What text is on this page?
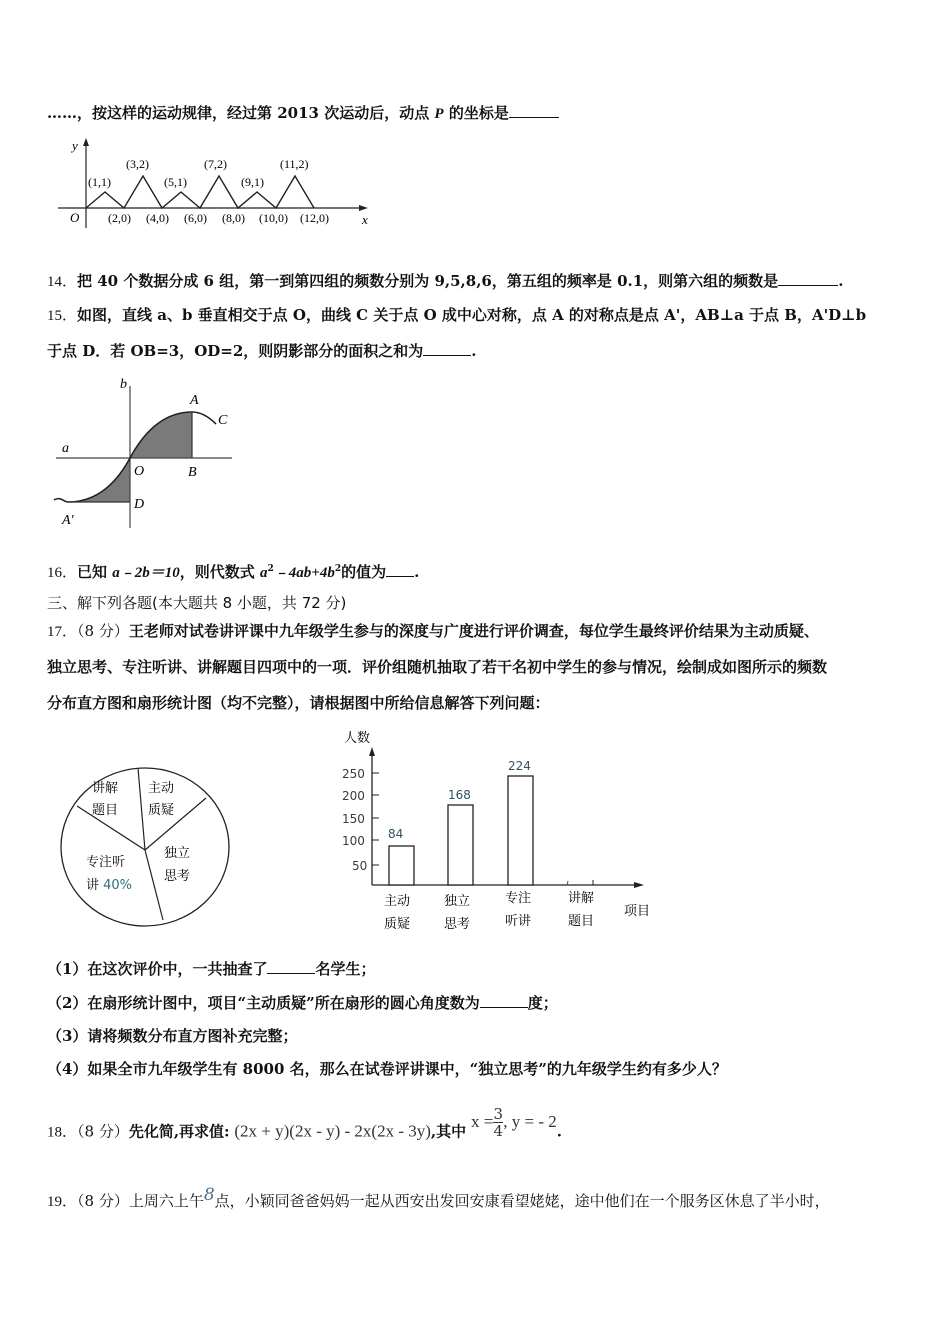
……，按这样的运动规律，经过第 2013 次运动后，动点 P 的坐标是
y
x
O
(1,1)
(3,2)
(5,1)
(7,2)
(9,1)
(11,2)
(2,0) (4,0) (6,0) (8,0) (10,0) (12,0)
14．把 40 个数据分成 6 组，第一到第四组的频数分别为 9,5,8,6，第五组的频率是 0.1，则第六组的频数是	.
15．如图，直线 a、b 垂直相交于点 O，曲线 C 关于点 O 成中心对称，点 A 的对称点是点 A'，AB⊥a 于点 B，A'D⊥b
于点 D．若 OB=3，OD=2，则阴影部分的面积之和为	.
b
a
A
C
O	B
D
A'
16．已知 a﹣2b＝10，则代数式 $a^2﹣4ab+4b^2$的值为 .
三、解下列各题(本大题共 8 小题，共 72 分)
17．（8 分）王老师对试卷讲评课中九年级学生参与的深度与广度进行评价调查，每位学生最终评价结果为主动质疑、
独立思考、专注听讲、讲解题目四项中的一项．评价组随机抽取了若干名初中学生的参与情况，绘制成如图所示的频数
分布直方图和扇形统计图（均不完整），请根据图中所给信息解答下列问题：
讲解
题目
主动
质疑
独立
思考
专注听
讲 40%
人数
250
200
150
100
50
84
168
224
主动
质疑
独立
思考
专注
听讲
讲解
题目
项目
（1）在这次评价中，一共抽查了	名学生；
（2）在扇形统计图中，项目“主动质疑”所在扇形的圆心角度数为	度；
（3）请将频数分布直方图补充完整；
（4）如果全市九年级学生有 8000 名，那么在试卷评讲课中，“独立思考”的九年级学生约有多少人？
18．（8 分）先化简,再求值: (2x + y)(2x - y) - 2x(2x - 3y),其中 $x = \frac{3}{4}$ , y = - 2.
19．（8 分）上周六上午8点，小颖同爸爸妈妈一起从西安出发回安康看望姥姥，途中他们在一个服务区休息了半小时，
